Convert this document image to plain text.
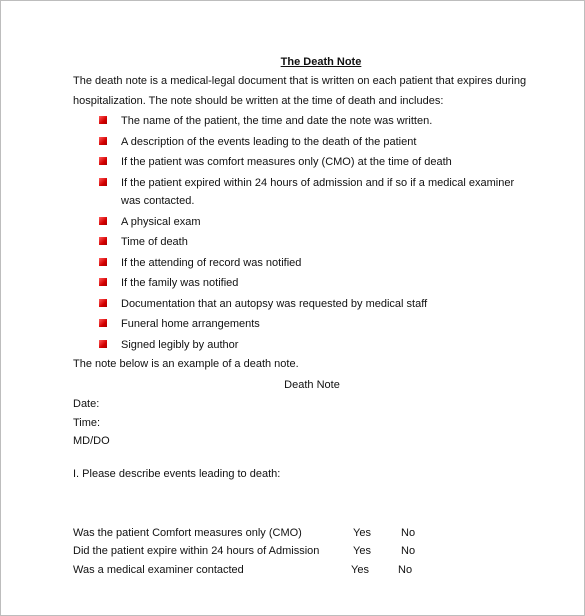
The Death Note

The death note is a medical-legal document that is written on each patient that expires during hospitalization. The note should be written at the time of death and includes:

The name of the patient, the time and date the note was written.
A description of the events leading to the death of the patient
If the patient was comfort measures only (CMO) at the time of death
If the patient expired within 24 hours of admission and if so if a medical examiner was contacted.
A physical exam
Time of death
If the attending of record was notified
If the family was notified
Documentation that an autopsy was requested by medical staff
Funeral home arrangements
Signed legibly by author

The note below is an example of a death note.

Death Note
Date:
Time:
MD/DO
I. Please describe events leading to death:
Was the patient Comfort measures only (CMO)	Yes	No
Did the patient expire within 24 hours of Admission	Yes	No
Was a medical examiner contacted	Yes	No
